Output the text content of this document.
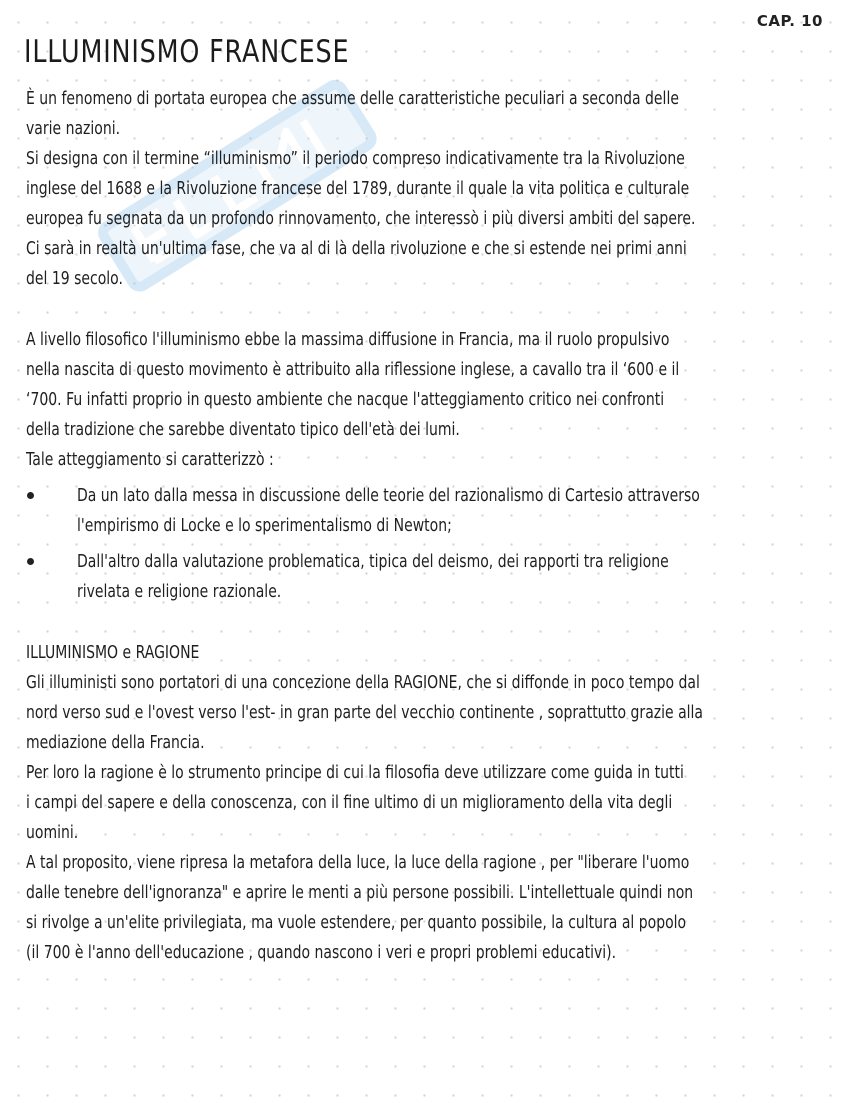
CAP. 10
ILLUMINISMO FRANCESE
È un fenomeno di portata europea che assume delle caratteristiche peculiari a seconda delle
varie nazioni.
Si designa con il termine “illuminismo” il periodo compreso indicativamente tra la Rivoluzione
inglese del 1688 e la Rivoluzione francese del 1789, durante il quale la vita politica e culturale
europea fu segnata da un profondo rinnovamento, che interessò i più diversi ambiti del sapere.
Ci sarà in realtà un'ultima fase, che va al di là della rivoluzione e che si estende nei primi anni
del 19 secolo.
A livello filosofico l'illuminismo ebbe la massima diffusione in Francia, ma il ruolo propulsivo
nella nascita di questo movimento è attribuito alla riflessione inglese, a cavallo tra il ‘600 e il
‘700. Fu infatti proprio in questo ambiente che nacque l'atteggiamento critico nei confronti
della tradizione che sarebbe diventato tipico dell'età dei lumi.
Tale atteggiamento si caratterizzò :
Da un lato dalla messa in discussione delle teorie del razionalismo di Cartesio attraverso
l'empirismo di Locke e lo sperimentalismo di Newton;
Dall'altro dalla valutazione problematica, tipica del deismo, dei rapporti tra religione
rivelata e religione razionale.
ILLUMINISMO e RAGIONE
Gli illuministi sono portatori di una concezione della RAGIONE, che si diffonde in poco tempo dal
nord verso sud e l'ovest verso l'est- in gran parte del vecchio continente , soprattutto grazie alla
mediazione della Francia.
Per loro la ragione è lo strumento principe di cui la filosofia deve utilizzare come guida in tutti
i campi del sapere e della conoscenza, con il fine ultimo di un miglioramento della vita degli
uomini.
A tal proposito, viene ripresa la metafora della luce, la luce della ragione , per "liberare l'uomo
dalle tenebre dell'ignoranza" e aprire le menti a più persone possibili. L'intellettuale quindi non
si rivolge a un'elite privilegiata, ma vuole estendere, per quanto possibile, la cultura al popolo
(il 700 è l'anno dell'educazione , quando nascono i veri e propri problemi educativi).
